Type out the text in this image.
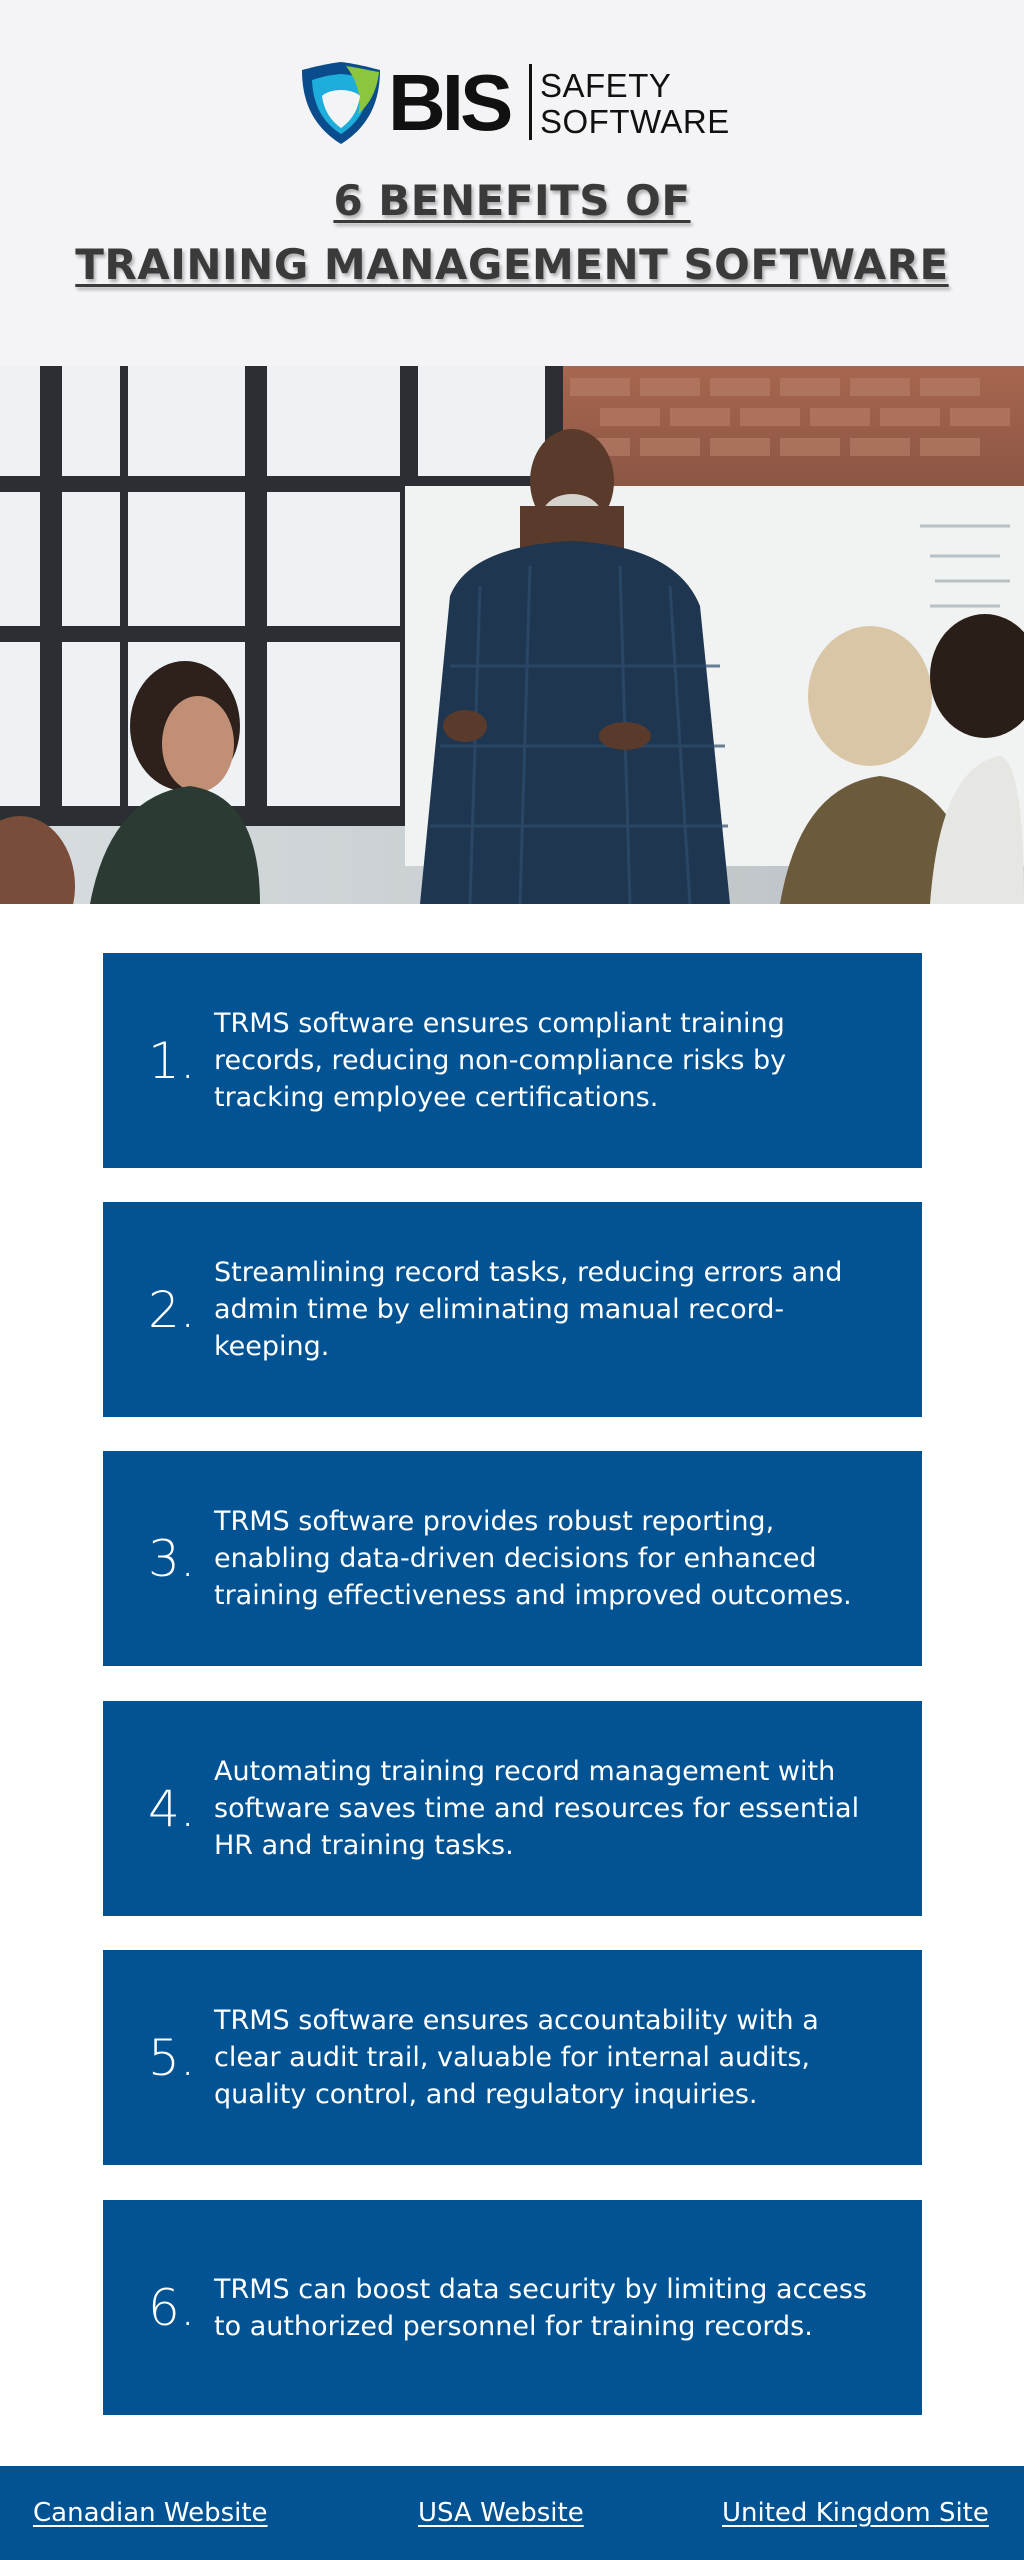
BIS SAFETY
SOFTWARE
6 BENEFITS OF
TRAINING MANAGEMENT SOFTWARE
1.
TRMS software ensures compliant training records, reducing non-compliance risks by tracking employee certifications.
2.
Streamlining record tasks, reducing errors and admin time by eliminating manual record-keeping.
3.
TRMS software provides robust reporting, enabling data-driven decisions for enhanced training effectiveness and improved outcomes.
4.
Automating training record management with software saves time and resources for essential HR and training tasks.
5.
TRMS software ensures accountability with a clear audit trail, valuable for internal audits, quality control, and regulatory inquiries.
6. TRMS can boost data security by limiting access to authorized personnel for training records.
Canadian Website	USA Website	United Kingdom Site
